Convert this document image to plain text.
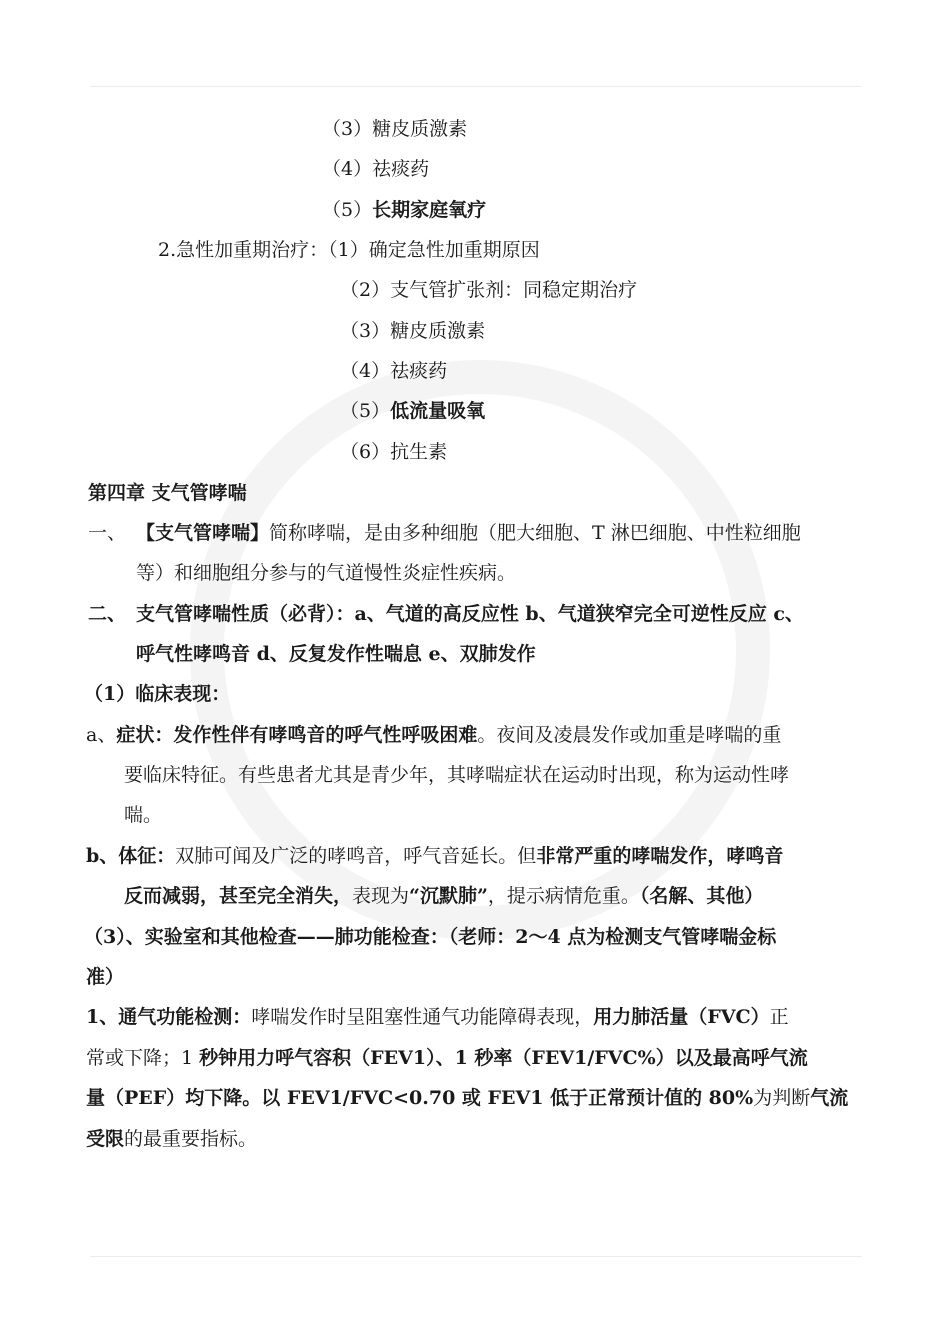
（3）糖皮质激素
（4）祛痰药
（5）长期家庭氧疗
2.急性加重期治疗：（1）确定急性加重期原因
（2）支气管扩张剂：同稳定期治疗
（3）糖皮质激素
（4）祛痰药
（5）低流量吸氧
（6）抗生素
第四章 支气管哮喘
一、 【支气管哮喘】简称哮喘，是由多种细胞（肥大细胞、T 淋巴细胞、中性粒细胞
等）和细胞组分参与的气道慢性炎症性疾病。
二、 支气管哮喘性质（必背）：a、气道的高反应性 b、气道狭窄完全可逆性反应 c、
呼气性哮鸣音 d、反复发作性喘息 e、双肺发作
（1）临床表现：
a、症状：发作性伴有哮鸣音的呼气性呼吸困难。夜间及凌晨发作或加重是哮喘的重
要临床特征。有些患者尤其是青少年，其哮喘症状在运动时出现，称为运动性哮
喘。
b、体征：双肺可闻及广泛的哮鸣音，呼气音延长。但非常严重的哮喘发作，哮鸣音
反而减弱，甚至完全消失，表现为“沉默肺”，提示病情危重。（名解、其他）
（3）、实验室和其他检查——肺功能检查：（老师：2～4 点为检测支气管哮喘金标
准）
1、通气功能检测：哮喘发作时呈阻塞性通气功能障碍表现，用力肺活量（FVC）正
常或下降；1 秒钟用力呼气容积（FEV1）、1 秒率（FEV1/FVC%）以及最高呼气流
量（PEF）均下降。以 FEV1/FVC<0.70 或 FEV1 低于正常预计值的 80%为判断气流
受限的最重要指标。
